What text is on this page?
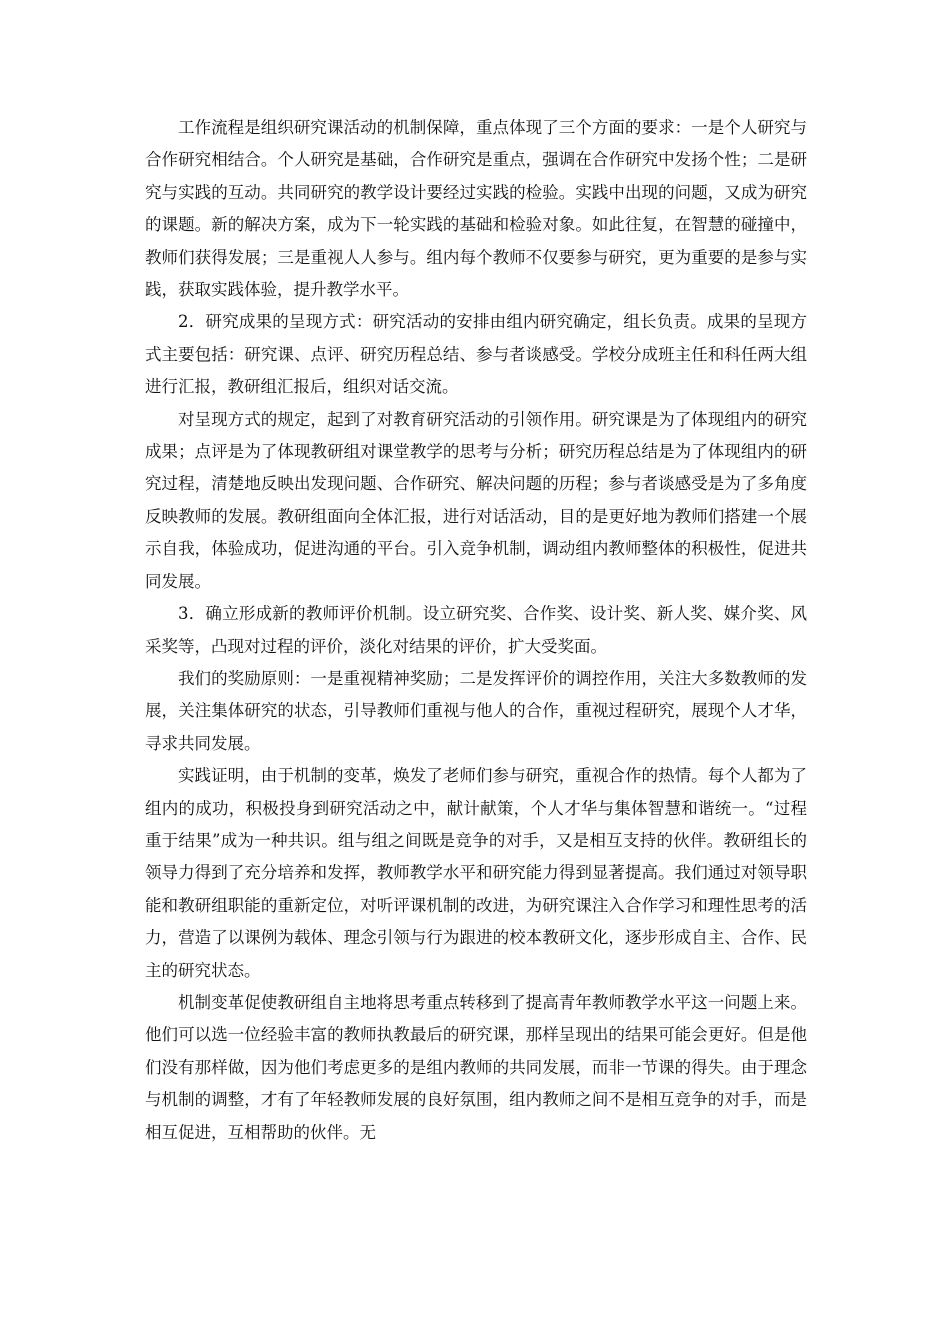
工作流程是组织研究课活动的机制保障，重点体现了三个方面的要求：一是个人研究与合作研究相结合。个人研究是基础，合作研究是重点，强调在合作研究中发扬个性；二是研究与实践的互动。共同研究的教学设计要经过实践的检验。实践中出现的问题，又成为研究的课题。新的解决方案，成为下一轮实践的基础和检验对象。如此往复，在智慧的碰撞中，教师们获得发展；三是重视人人参与。组内每个教师不仅要参与研究，更为重要的是参与实践，获取实践体验，提升教学水平。

2．研究成果的呈现方式：研究活动的安排由组内研究确定，组长负责。成果的呈现方式主要包括：研究课、点评、研究历程总结、参与者谈感受。学校分成班主任和科任两大组进行汇报，教研组汇报后，组织对话交流。

对呈现方式的规定，起到了对教育研究活动的引领作用。研究课是为了体现组内的研究成果；点评是为了体现教研组对课堂教学的思考与分析；研究历程总结是为了体现组内的研究过程，清楚地反映出发现问题、合作研究、解决问题的历程；参与者谈感受是为了多角度反映教师的发展。教研组面向全体汇报，进行对话活动，目的是更好地为教师们搭建一个展示自我，体验成功，促进沟通的平台。引入竞争机制，调动组内教师整体的积极性，促进共同发展。

3．确立形成新的教师评价机制。设立研究奖、合作奖、设计奖、新人奖、媒介奖、风采奖等，凸现对过程的评价，淡化对结果的评价，扩大受奖面。

我们的奖励原则：一是重视精神奖励；二是发挥评价的调控作用，关注大多数教师的发展，关注集体研究的状态，引导教师们重视与他人的合作，重视过程研究，展现个人才华，寻求共同发展。

实践证明，由于机制的变革，焕发了老师们参与研究，重视合作的热情。每个人都为了组内的成功，积极投身到研究活动之中，献计献策，个人才华与集体智慧和谐统一。“过程重于结果”成为一种共识。组与组之间既是竞争的对手，又是相互支持的伙伴。教研组长的领导力得到了充分培养和发挥，教师教学水平和研究能力得到显著提高。我们通过对领导职能和教研组职能的重新定位，对听评课机制的改进，为研究课注入合作学习和理性思考的活力，营造了以课例为载体、理念引领与行为跟进的校本教研文化，逐步形成自主、合作、民主的研究状态。

机制变革促使教研组自主地将思考重点转移到了提高青年教师教学水平这一问题上来。他们可以选一位经验丰富的教师执教最后的研究课，那样呈现出的结果可能会更好。但是他们没有那样做，因为他们考虑更多的是组内教师的共同发展，而非一节课的得失。由于理念与机制的调整，才有了年轻教师发展的良好氛围，组内教师之间不是相互竞争的对手，而是相互促进，互相帮助的伙伴。无
